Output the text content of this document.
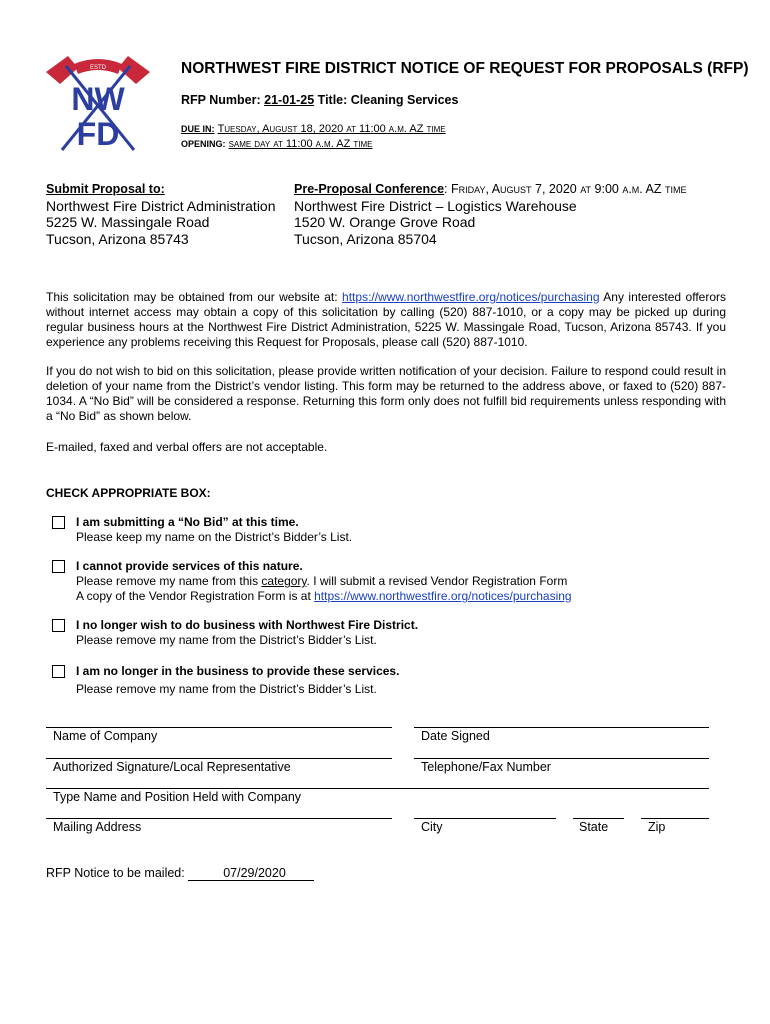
ESTD
NW
FD
NORTHWEST FIRE DISTRICT NOTICE OF REQUEST FOR PROPOSALS (RFP)
RFP Number: 21-01-25 Title: Cleaning Services
DUE IN: Tuesday, August 18, 2020 at 11:00 a.m. AZ time
OPENING: same day at 11:00 a.m. AZ time
Submit Proposal to:
Northwest Fire District Administration
5225 W. Massingale Road
Tucson, Arizona 85743
Pre-Proposal Conference: Friday, August 7, 2020 at 9:00 a.m. AZ time
Northwest Fire District – Logistics Warehouse
1520 W. Orange Grove Road
Tucson, Arizona 85704
This solicitation may be obtained from our website at: https://www.northwestfire.org/notices/purchasing Any interested offerors without internet access may obtain a copy of this solicitation by calling (520) 887-1010, or a copy may be picked up during regular business hours at the Northwest Fire District Administration, 5225 W. Massingale Road, Tucson, Arizona 85743. If you experience any problems receiving this Request for Proposals, please call (520) 887-1010.
If you do not wish to bid on this solicitation, please provide written notification of your decision. Failure to respond could result in deletion of your name from the District’s vendor listing. This form may be returned to the address above, or faxed to (520) 887-1034. A “No Bid” will be considered a response. Returning this form only does not fulfill bid requirements unless responding with a “No Bid” as shown below.
E-mailed, faxed and verbal offers are not acceptable.
CHECK APPROPRIATE BOX:
I am submitting a “No Bid” at this time.
Please keep my name on the District’s Bidder’s List.
I cannot provide services of this nature.
Please remove my name from this category. I will submit a revised Vendor Registration Form
A copy of the Vendor Registration Form is at https://www.northwestfire.org/notices/purchasing
I no longer wish to do business with Northwest Fire District.
Please remove my name from the District’s Bidder’s List.
I am no longer in the business to provide these services.
Please remove my name from the District’s Bidder’s List.
Name of Company	Date Signed
Authorized Signature/Local Representative	Telephone/Fax Number
Type Name and Position Held with Company
Mailing Address	City	State	Zip
RFP Notice to be mailed:	07/29/2020
